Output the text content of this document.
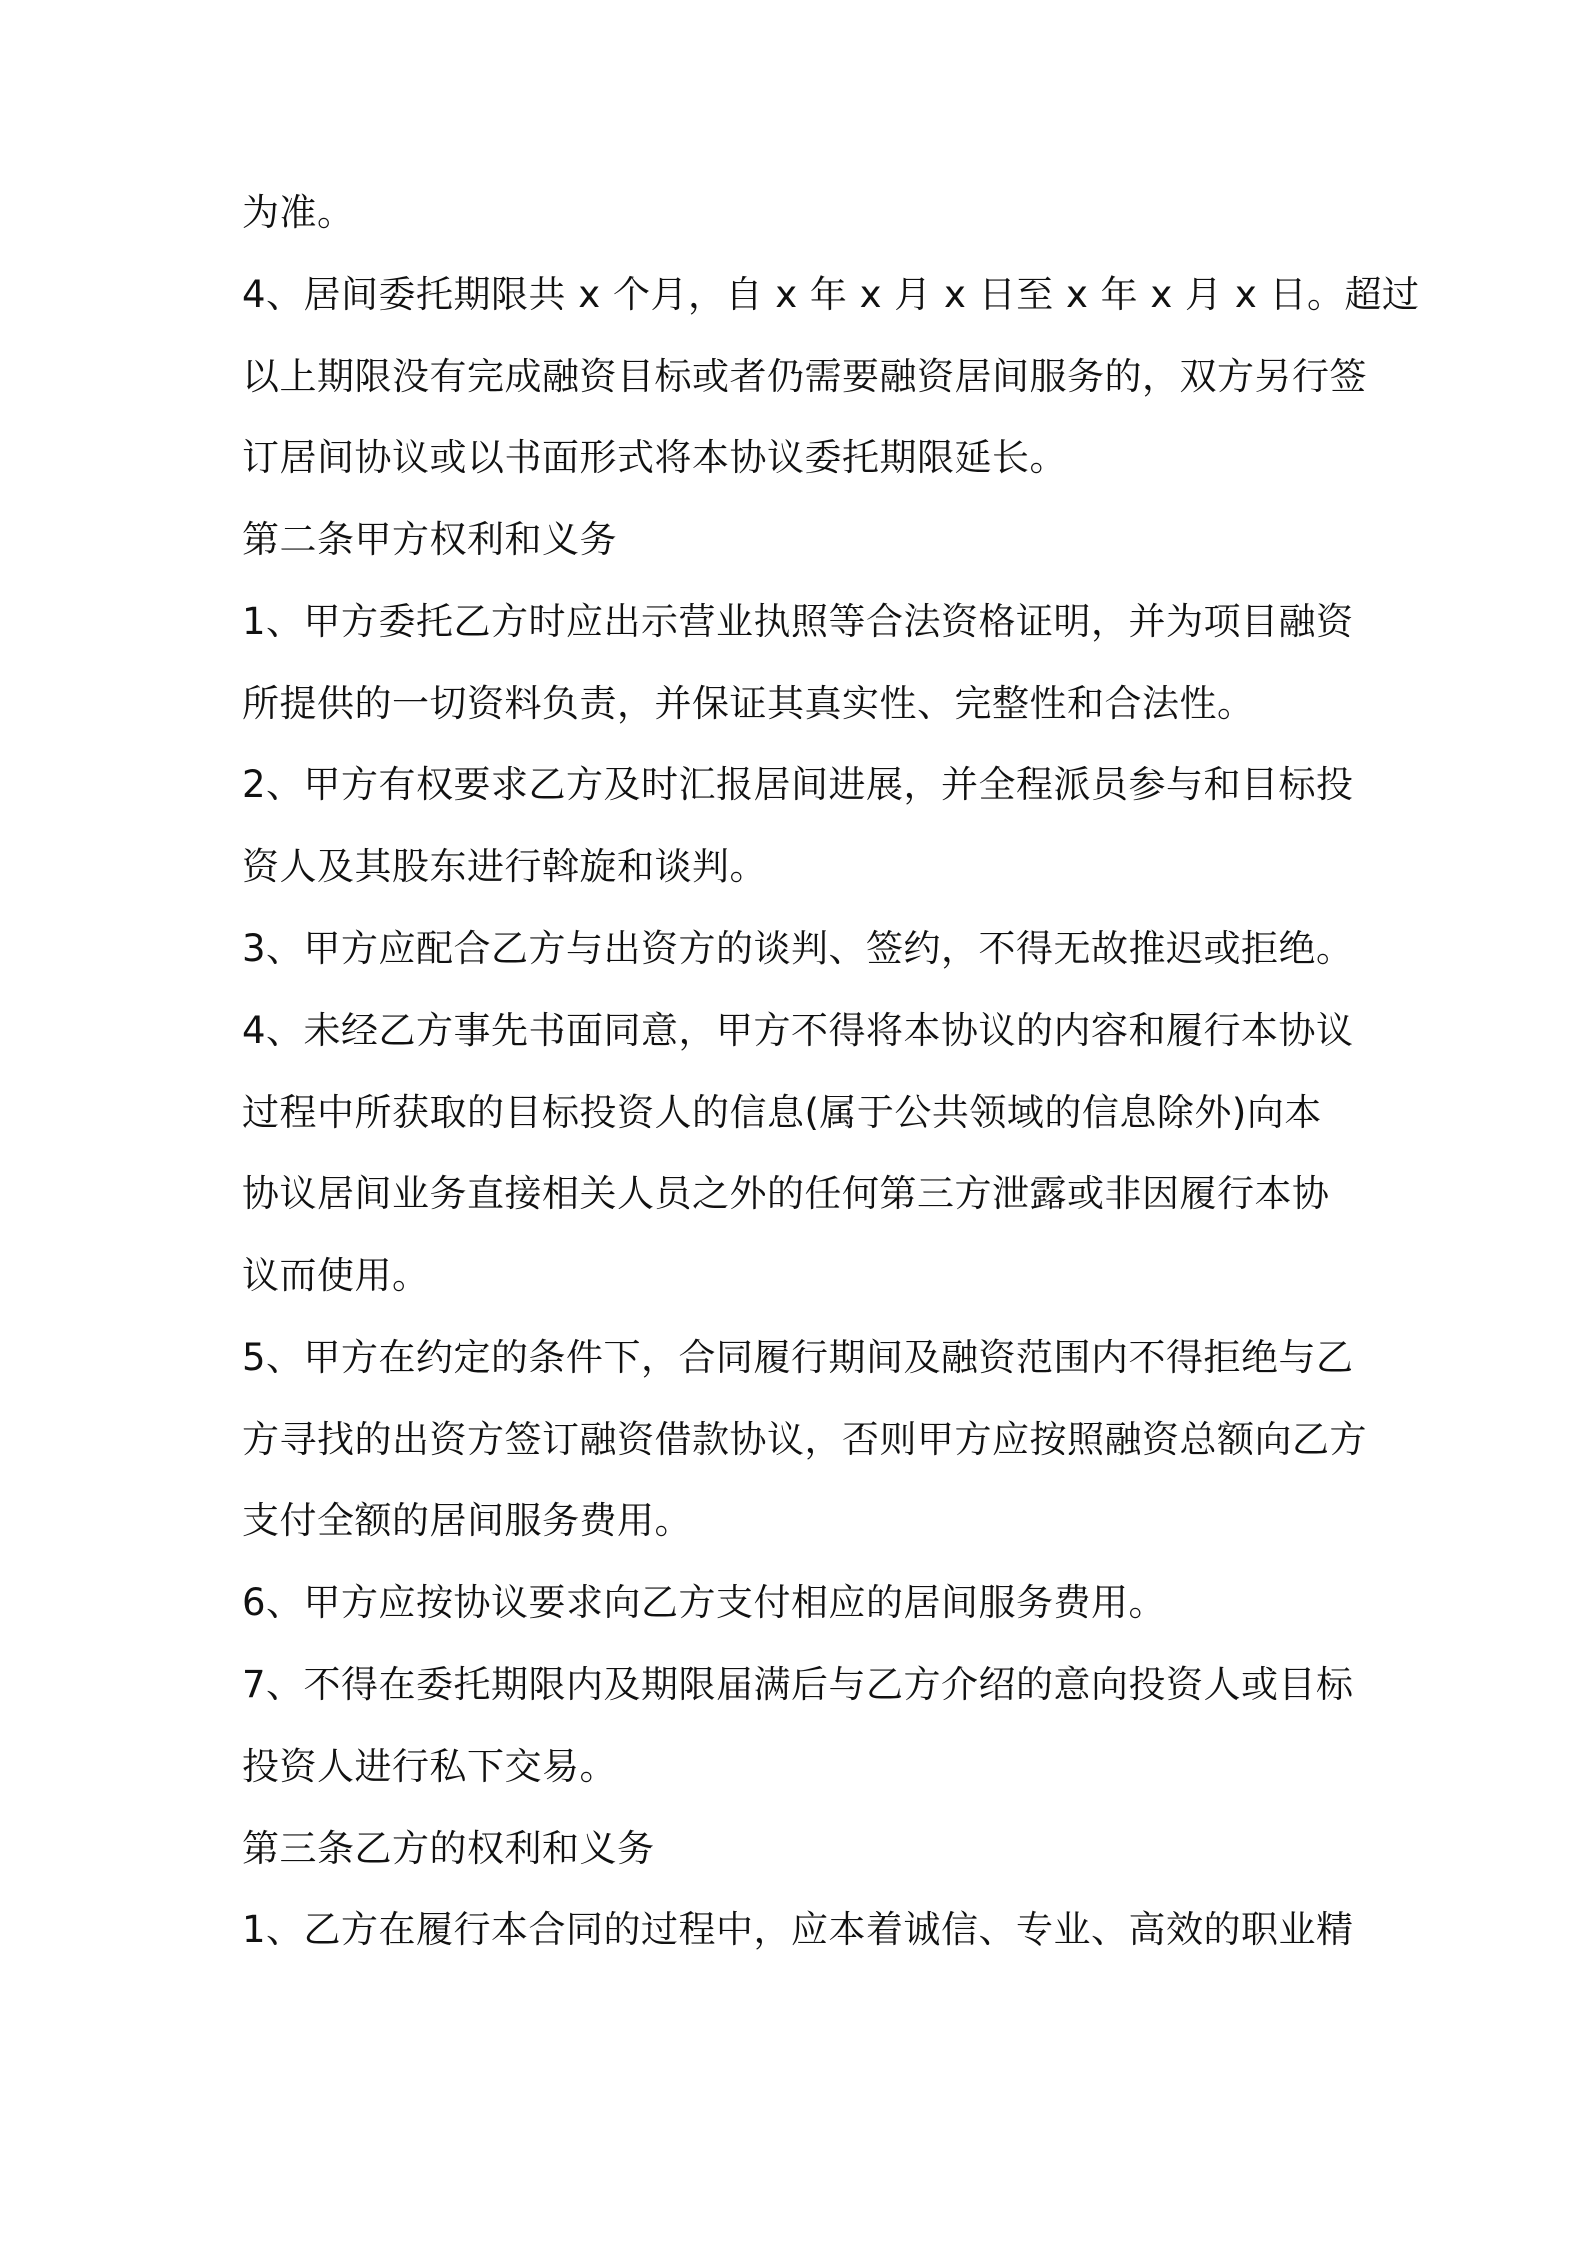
为准。
4、居间委托期限共 x 个月，自 x 年 x 月 x 日至 x 年 x 月 x 日。超过
以上期限没有完成融资目标或者仍需要融资居间服务的，双方另行签
订居间协议或以书面形式将本协议委托期限延长。
第二条甲方权利和义务
1、甲方委托乙方时应出示营业执照等合法资格证明，并为项目融资
所提供的一切资料负责，并保证其真实性、完整性和合法性。
2、甲方有权要求乙方及时汇报居间进展，并全程派员参与和目标投
资人及其股东进行斡旋和谈判。
3、甲方应配合乙方与出资方的谈判、签约，不得无故推迟或拒绝。
4、未经乙方事先书面同意，甲方不得将本协议的内容和履行本协议
过程中所获取的目标投资人的信息(属于公共领域的信息除外)向本
协议居间业务直接相关人员之外的任何第三方泄露或非因履行本协
议而使用。
5、甲方在约定的条件下，合同履行期间及融资范围内不得拒绝与乙
方寻找的出资方签订融资借款协议，否则甲方应按照融资总额向乙方
支付全额的居间服务费用。
6、甲方应按协议要求向乙方支付相应的居间服务费用。
7、不得在委托期限内及期限届满后与乙方介绍的意向投资人或目标
投资人进行私下交易。
第三条乙方的权利和义务
1、乙方在履行本合同的过程中，应本着诚信、专业、高效的职业精
